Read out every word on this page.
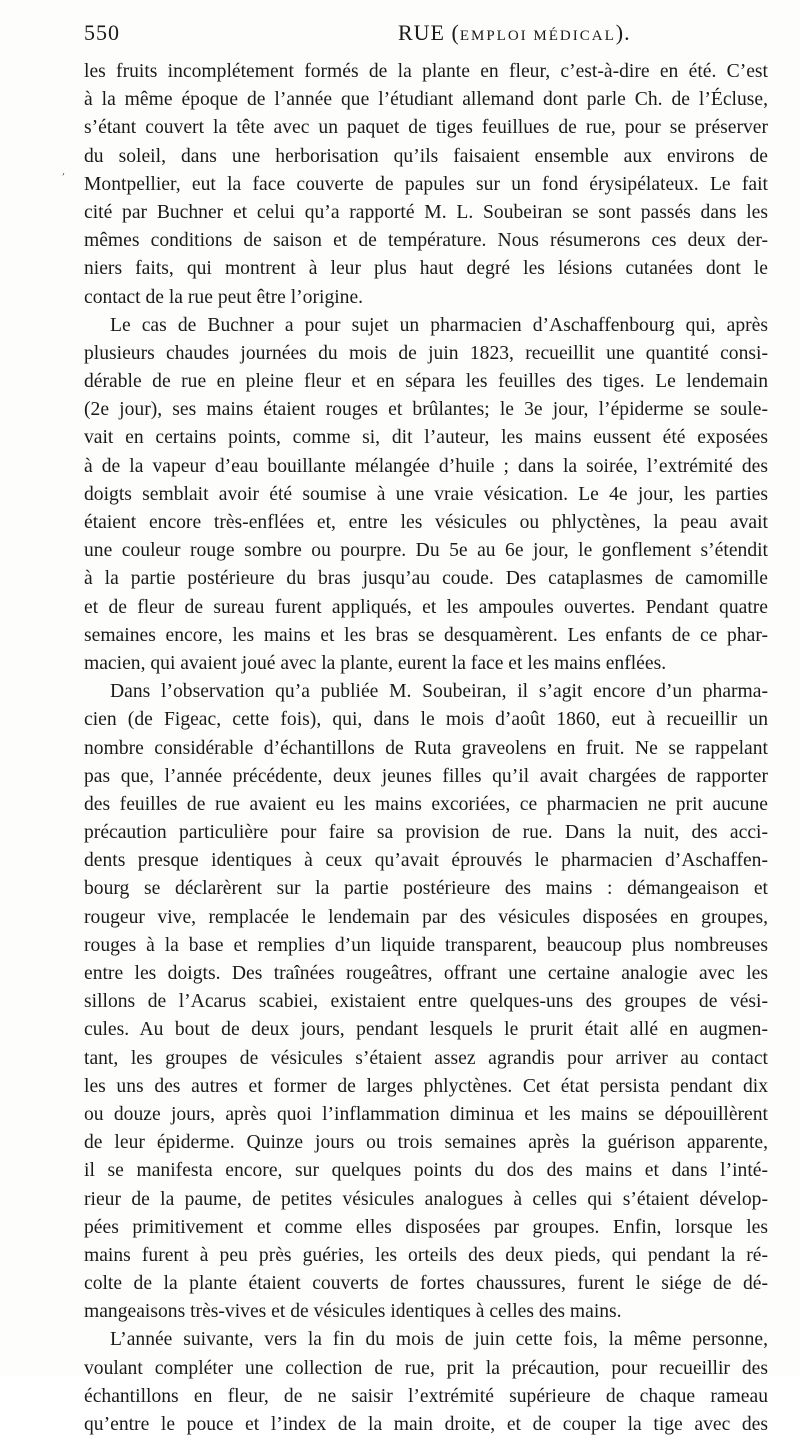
550	RUE (EMPLOI MÉDICAL).
les fruits incomplétement formés de la plante en fleur, c’est-à-dire en été. C’est
à la même époque de l’année que l’étudiant allemand dont parle Ch. de l’Écluse,
s’étant couvert la tête avec un paquet de tiges feuillues de rue, pour se préserver
du soleil, dans une herborisation qu’ils faisaient ensemble aux environs de
Montpellier, eut la face couverte de papules sur un fond érysipélateux. Le fait
cité par Buchner et celui qu’a rapporté M. L. Soubeiran se sont passés dans les
mêmes conditions de saison et de température. Nous résumerons ces deux der-
niers faits, qui montrent à leur plus haut degré les lésions cutanées dont le
contact de la rue peut être l’origine.
Le cas de Buchner a pour sujet un pharmacien d’Aschaffenbourg qui, après
plusieurs chaudes journées du mois de juin 1823, recueillit une quantité consi-
dérable de rue en pleine fleur et en sépara les feuilles des tiges. Le lendemain
(2e jour), ses mains étaient rouges et brûlantes; le 3e jour, l’épiderme se soule-
vait en certains points, comme si, dit l’auteur, les mains eussent été exposées
à de la vapeur d’eau bouillante mélangée d’huile ; dans la soirée, l’extrémité des
doigts semblait avoir été soumise à une vraie vésication. Le 4e jour, les parties
étaient encore très-enflées et, entre les vésicules ou phlyctènes, la peau avait
une couleur rouge sombre ou pourpre. Du 5e au 6e jour, le gonflement s’étendit
à la partie postérieure du bras jusqu’au coude. Des cataplasmes de camomille
et de fleur de sureau furent appliqués, et les ampoules ouvertes. Pendant quatre
semaines encore, les mains et les bras se desquamèrent. Les enfants de ce phar-
macien, qui avaient joué avec la plante, eurent la face et les mains enflées.
Dans l’observation qu’a publiée M. Soubeiran, il s’agit encore d’un pharma-
cien (de Figeac, cette fois), qui, dans le mois d’août 1860, eut à recueillir un
nombre considérable d’échantillons de Ruta graveolens en fruit. Ne se rappelant
pas que, l’année précédente, deux jeunes filles qu’il avait chargées de rapporter
des feuilles de rue avaient eu les mains excoriées, ce pharmacien ne prit aucune
précaution particulière pour faire sa provision de rue. Dans la nuit, des acci-
dents presque identiques à ceux qu’avait éprouvés le pharmacien d’Aschaffen-
bourg se déclarèrent sur la partie postérieure des mains : démangeaison et
rougeur vive, remplacée le lendemain par des vésicules disposées en groupes,
rouges à la base et remplies d’un liquide transparent, beaucoup plus nombreuses
entre les doigts. Des traînées rougeâtres, offrant une certaine analogie avec les
sillons de l’Acarus scabiei, existaient entre quelques-uns des groupes de vési-
cules. Au bout de deux jours, pendant lesquels le prurit était allé en augmen-
tant, les groupes de vésicules s’étaient assez agrandis pour arriver au contact
les uns des autres et former de larges phlyctènes. Cet état persista pendant dix
ou douze jours, après quoi l’inflammation diminua et les mains se dépouillèrent
de leur épiderme. Quinze jours ou trois semaines après la guérison apparente,
il se manifesta encore, sur quelques points du dos des mains et dans l’inté-
rieur de la paume, de petites vésicules analogues à celles qui s’étaient dévelop-
pées primitivement et comme elles disposées par groupes. Enfin, lorsque les
mains furent à peu près guéries, les orteils des deux pieds, qui pendant la ré-
colte de la plante étaient couverts de fortes chaussures, furent le siége de dé-
mangeaisons très-vives et de vésicules identiques à celles des mains.
L’année suivante, vers la fin du mois de juin cette fois, la même personne,
voulant compléter une collection de rue, prit la précaution, pour recueillir des
échantillons en fleur, de ne saisir l’extrémité supérieure de chaque rameau
qu’entre le pouce et l’index de la main droite, et de couper la tige avec des
,
